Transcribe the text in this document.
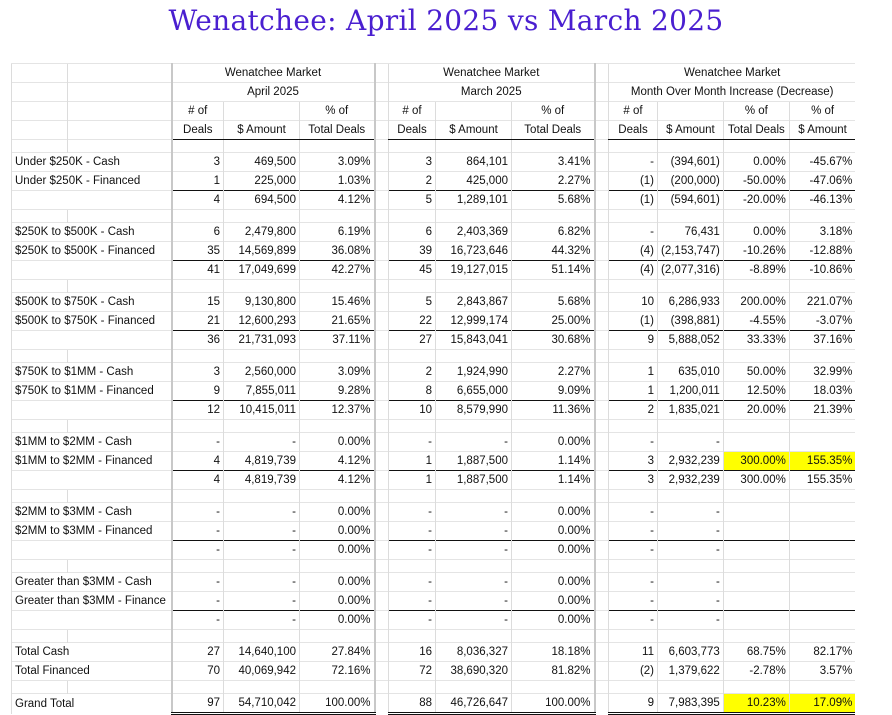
Wenatchee: April 2025 vs March 2025
		Wenatchee Market				Wenatchee Market				Wenatchee Market			
		April 2025				March 2025				Month Over Month Increase (Decrease)			
		# of		% of		# of		% of		# of		% of	% of
		Deals	$ Amount	Total Deals		Deals	$ Amount	Total Deals		Deals	$ Amount	Total Deals	$ Amount

Under $250K - Cash		3	469,500	3.09%		3	864,101	3.41%		-	(394,601)	0.00%	-45.67%
Under $250K - Financed		1	225,000	1.03%		2	425,000	2.27%		(1)	(200,000)	-50.00%	-47.06%
		4	694,500	4.12%		5	1,289,101	5.68%		(1)	(594,601)	-20.00%	-46.13%

$250K to $500K - Cash		6	2,479,800	6.19%		6	2,403,369	6.82%		-	76,431	0.00%	3.18%
$250K to $500K - Financed		35	14,569,899	36.08%		39	16,723,646	44.32%		(4)	(2,153,747)	-10.26%	-12.88%
		41	17,049,699	42.27%		45	19,127,015	51.14%		(4)	(2,077,316)	-8.89%	-10.86%

$500K to $750K - Cash		15	9,130,800	15.46%		5	2,843,867	5.68%		10	6,286,933	200.00%	221.07%
$500K to $750K - Financed		21	12,600,293	21.65%		22	12,999,174	25.00%		(1)	(398,881)	-4.55%	-3.07%
		36	21,731,093	37.11%		27	15,843,041	30.68%		9	5,888,052	33.33%	37.16%

$750K to $1MM - Cash		3	2,560,000	3.09%		2	1,924,990	2.27%		1	635,010	50.00%	32.99%
$750K to $1MM - Financed		9	7,855,011	9.28%		8	6,655,000	9.09%		1	1,200,011	12.50%	18.03%
		12	10,415,011	12.37%		10	8,579,990	11.36%		2	1,835,021	20.00%	21.39%

$1MM to $2MM - Cash		-	-	0.00%		-	-	0.00%		-	-		
$1MM to $2MM - Financed		4	4,819,739	4.12%		1	1,887,500	1.14%		3	2,932,239	300.00%	155.35%
		4	4,819,739	4.12%		1	1,887,500	1.14%		3	2,932,239	300.00%	155.35%

$2MM to $3MM - Cash		-	-	0.00%		-	-	0.00%		-	-		
$2MM to $3MM - Financed		-	-	0.00%		-	-	0.00%		-	-		
		-	-	0.00%		-	-	0.00%		-	-		

Greater than $3MM - Cash		-	-	0.00%		-	-	0.00%		-	-		
Greater than $3MM - Finance		-	-	0.00%		-	-	0.00%		-	-		
		-	-	0.00%		-	-	0.00%		-	-		

Total Cash		27	14,640,100	27.84%		16	8,036,327	18.18%		11	6,603,773	68.75%	82.17%
Total Financed		70	40,069,942	72.16%		72	38,690,320	81.82%		(2)	1,379,622	-2.78%	3.57%

Grand Total		97	54,710,042	100.00%		88	46,726,647	100.00%		9	7,983,395	10.23%	17.09%
